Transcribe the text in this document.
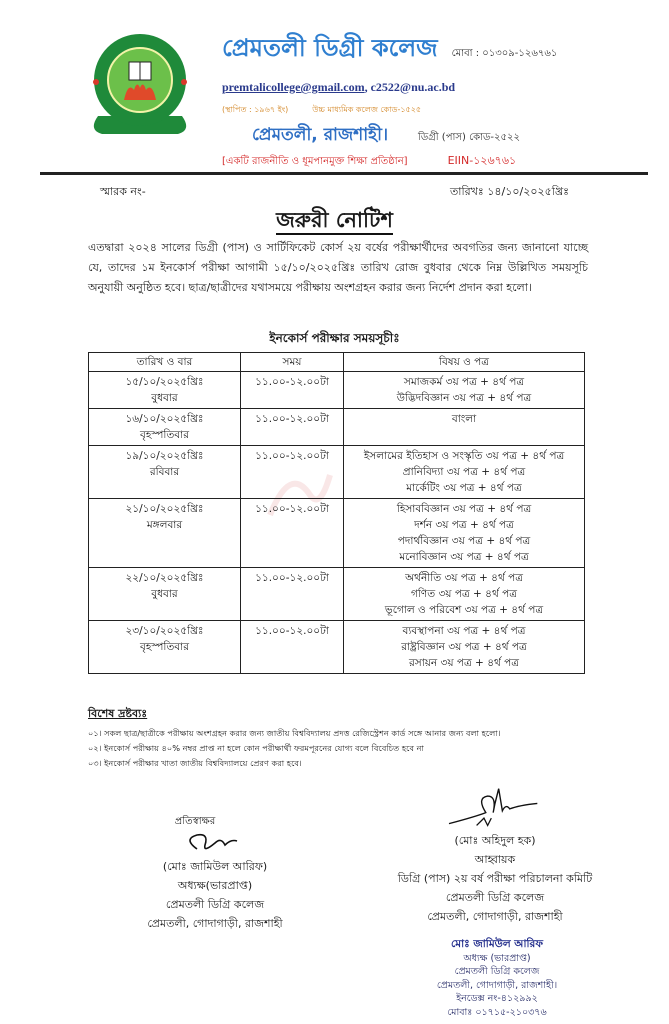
প্রেমতলী ডিগ্রী কলেজ মোবা : ০১৩০৯-১২৬৭৬১
premtalicollege@gmail.com, c2522@nu.ac.bd
(স্থাপিত : ১৯৬৭ ইং)	উচ্চ মাধ্যমিক কলেজ কোড-১৫২৫
প্রেমতলী, রাজশাহী।	ডিগ্রী (পাস) কোড-২৫২২
[একটি রাজনীতি ও ধূমপানমুক্ত শিক্ষা প্রতিষ্ঠান]	EIIN-১২৬৭৬১
স্মারক নং-	তারিখঃ ১৪/১০/২০২৫খ্রিঃ
জরুরী নোটিশ

এতদ্বারা ২০২৪ সালের ডিগ্রী (পাস) ও সার্টিফিকেট কোর্স ২য় বর্ষের পরীক্ষার্থীদের অবগতির জন্য জানানো যাচ্ছে যে, তাদের ১ম ইনকোর্স পরীক্ষা আগামী ১৫/১০/২০২৫খ্রিঃ তারিখ রোজ বুধবার থেকে নিম্ন উল্লিখিত সময়সূচি অনুযায়ী অনুষ্ঠিত হবে। ছাত্র/ছাত্রীদের যথাসময়ে পরীক্ষায় অংশগ্রহন করার জন্য নির্দেশ প্রদান করা হলো।

ইনকোর্স পরীক্ষার সময়সূচীঃ
তারিখ ও বার	সময়	বিষয় ও পত্র

১৫/১০/২০২৫খ্রিঃ
বুধবার	১১.০০-১২.০০টা	সমাজকর্ম ৩য় পত্র + ৪র্থ পত্র
উদ্ভিদবিজ্ঞান ৩য় পত্র + ৪র্থ পত্র

১৬/১০/২০২৫খ্রিঃ
বৃহস্পতিবার	১১.০০-১২.০০টা	বাংলা

১৯/১০/২০২৫খ্রিঃ
রবিবার	১১.০০-১২.০০টা	ইসলামের ইতিহাস ও সংস্কৃতি ৩য় পত্র + ৪র্থ পত্র
প্রানিবিদ্যা ৩য় পত্র + ৪র্থ পত্র
মার্কেটিং ৩য় পত্র + ৪র্থ পত্র

২১/১০/২০২৫খ্রিঃ
মঙ্গলবার	১১.০০-১২.০০টা	হিসাববিজ্ঞান ৩য় পত্র + ৪র্থ পত্র
দর্শন ৩য় পত্র + ৪র্থ পত্র
পদার্থবিজ্ঞান ৩য় পত্র + ৪র্থ পত্র
মনোবিজ্ঞান ৩য় পত্র + ৪র্থ পত্র

২২/১০/২০২৫খ্রিঃ
বুধবার	১১.০০-১২.০০টা	অর্থনীতি ৩য় পত্র + ৪র্থ পত্র
গণিত ৩য় পত্র + ৪র্থ পত্র
ভূগোল ও পরিবেশ ৩য় পত্র + ৪র্থ পত্র

২৩/১০/২০২৫খ্রিঃ
বৃহস্পতিবার	১১.০০-১২.০০টা	ব্যবস্থাপনা ৩য় পত্র + ৪র্থ পত্র
রাষ্ট্রবিজ্ঞান ৩য় পত্র + ৪র্থ পত্র
রসায়ন ৩য় পত্র + ৪র্থ পত্র
বিশেষ দ্রষ্টব্যঃ
০১। সকল ছাত্র/ছাত্রীকে পরীক্ষায় অংশগ্রহন করার জন্য জাতীয় বিশ্ববিদ্যালয় প্রদত্ত রেজিস্ট্রেশন কার্ড সঙ্গে আনার জন্য বলা হলো।
০২। ইনকোর্স পরীক্ষায় ৪০% নম্বর প্রাপ্ত না হলে কোন পরীক্ষার্থী ফরমপূরনের যোগ্য বলে বিবেচিত হবে না
০৩। ইনকোর্স পরীক্ষার খাতা জাতীয় বিশ্ববিদ্যালয়ে প্রেরণ করা হবে।
প্রতিস্বাক্ষর
(মোঃ জামিউল আরিফ)
অধ্যক্ষ(ভারপ্রাপ্ত)
প্রেমতলী ডিগ্রি কলেজ
প্রেমতলী, গোদাগাড়ী, রাজশাহী
(মোঃ অহিদুল হক)
আহ্বায়ক
ডিগ্রি (পাস) ২য় বর্ষ পরীক্ষা পরিচালনা কমিটি
প্রেমতলী ডিগ্রি কলেজ
প্রেমতলী, গোদাগাড়ী, রাজশাহী
মোঃ জামিউল আরিফ
অধ্যক্ষ (ভারপ্রাপ্ত)
প্রেমতলী ডিগ্রি কলেজ
প্রেমতলী, গোদাগাড়ী, রাজশাহী।
ইনডেক্স নং-৪১২৯৯২
মোবাঃ ০১৭১৫-২১০৩৭৬
